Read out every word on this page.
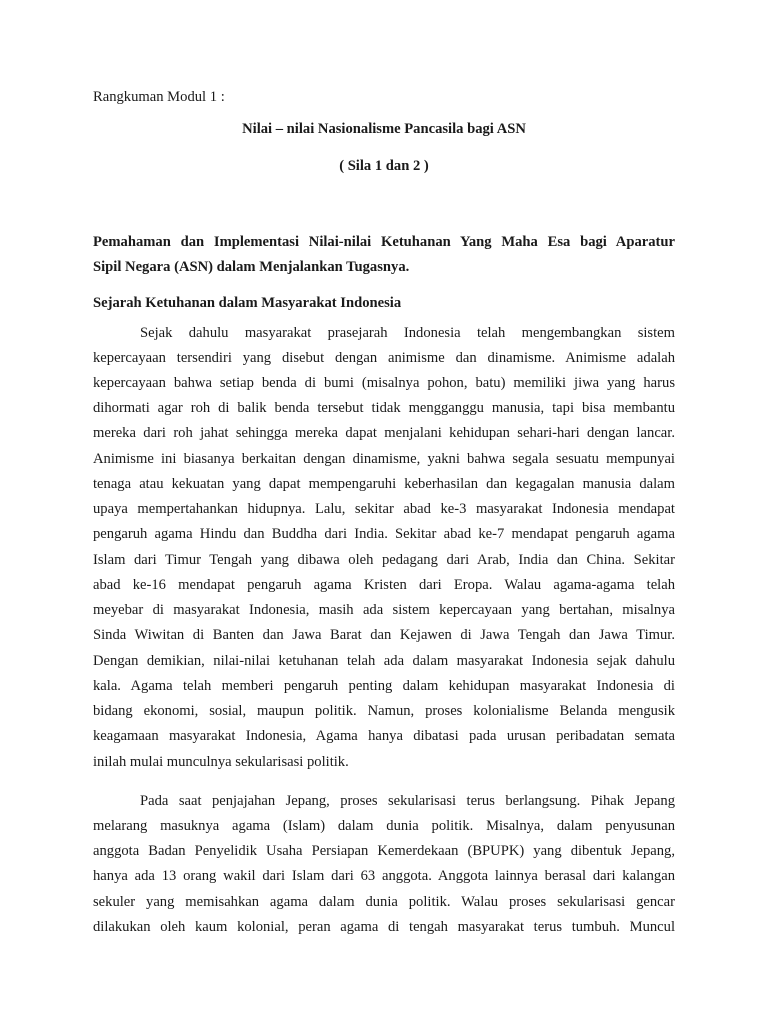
Rangkuman Modul 1 :
Nilai – nilai Nasionalisme Pancasila bagi ASN
( Sila 1 dan 2 )
Pemahaman dan Implementasi Nilai-nilai Ketuhanan Yang Maha Esa bagi Aparatur
Sipil Negara (ASN) dalam Menjalankan Tugasnya.
Sejarah Ketuhanan dalam Masyarakat Indonesia
Sejak dahulu masyarakat prasejarah Indonesia telah mengembangkan sistem
kepercayaan tersendiri yang disebut dengan animisme dan dinamisme. Animisme adalah
kepercayaan bahwa setiap benda di bumi (misalnya pohon, batu) memiliki jiwa yang harus
dihormati agar roh di balik benda tersebut tidak mengganggu manusia, tapi bisa membantu
mereka dari roh jahat sehingga mereka dapat menjalani kehidupan sehari-hari dengan lancar.
Animisme ini biasanya berkaitan dengan dinamisme, yakni bahwa segala sesuatu mempunyai
tenaga atau kekuatan yang dapat mempengaruhi keberhasilan dan kegagalan manusia dalam
upaya mempertahankan hidupnya. Lalu, sekitar abad ke-3 masyarakat Indonesia mendapat
pengaruh agama Hindu dan Buddha dari India. Sekitar abad ke-7 mendapat pengaruh agama
Islam dari Timur Tengah yang dibawa oleh pedagang dari Arab, India dan China. Sekitar
abad ke-16 mendapat pengaruh agama Kristen dari Eropa. Walau agama-agama telah
meyebar di masyarakat Indonesia, masih ada sistem kepercayaan yang bertahan, misalnya
Sinda Wiwitan di Banten dan Jawa Barat dan Kejawen di Jawa Tengah dan Jawa Timur.
Dengan demikian, nilai-nilai ketuhanan telah ada dalam masyarakat Indonesia sejak dahulu
kala. Agama telah memberi pengaruh penting dalam kehidupan masyarakat Indonesia di
bidang ekonomi, sosial, maupun politik. Namun, proses kolonialisme Belanda mengusik
keagamaan masyarakat Indonesia, Agama hanya dibatasi pada urusan peribadatan semata
inilah mulai munculnya sekularisasi politik.
Pada saat penjajahan Jepang, proses sekularisasi terus berlangsung. Pihak Jepang
melarang masuknya agama (Islam) dalam dunia politik. Misalnya, dalam penyusunan
anggota Badan Penyelidik Usaha Persiapan Kemerdekaan (BPUPK) yang dibentuk Jepang,
hanya ada 13 orang wakil dari Islam dari 63 anggota. Anggota lainnya berasal dari kalangan
sekuler yang memisahkan agama dalam dunia politik. Walau proses sekularisasi gencar
dilakukan oleh kaum kolonial, peran agama di tengah masyarakat terus tumbuh. Muncul
